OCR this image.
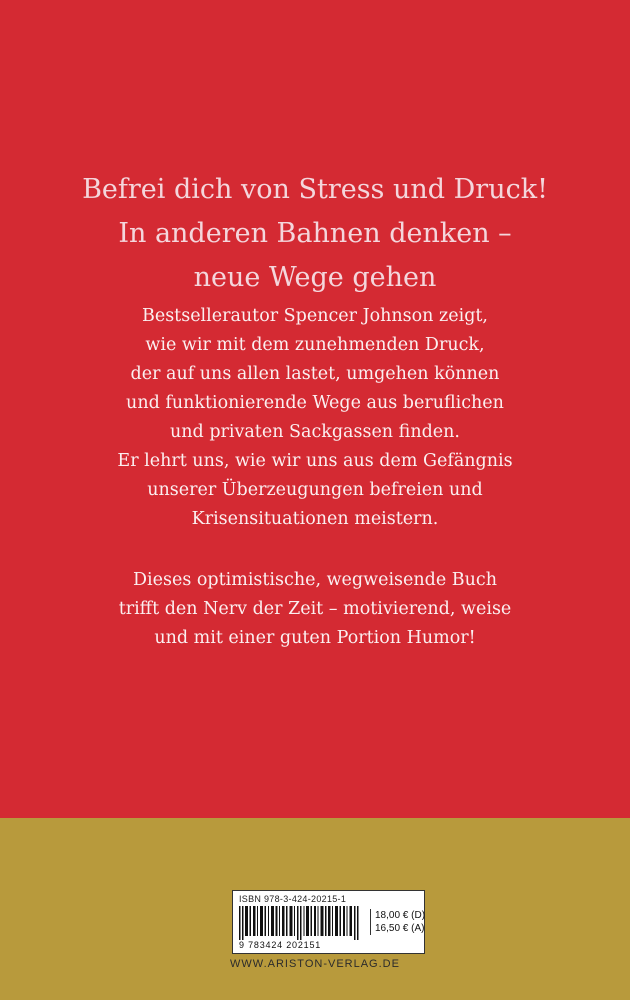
Befrei dich von Stress und Druck!
In anderen Bahnen denken –
neue Wege gehen
Bestsellerautor Spencer Johnson zeigt,
wie wir mit dem zunehmenden Druck,
der auf uns allen lastet, umgehen können
und funktionierende Wege aus beruflichen
und privaten Sackgassen finden.
Er lehrt uns, wie wir uns aus dem Gefängnis
unserer Überzeugungen befreien und
Krisensituationen meistern.
Dieses optimistische, wegweisende Buch
trifft den Nerv der Zeit – motivierend, weise
und mit einer guten Portion Humor!
ISBN 978-3-424-20215-1
9 783424 202151
18,00 € (D)
16,50 € (A)
WWW.ARISTON-VERLAG.DE
